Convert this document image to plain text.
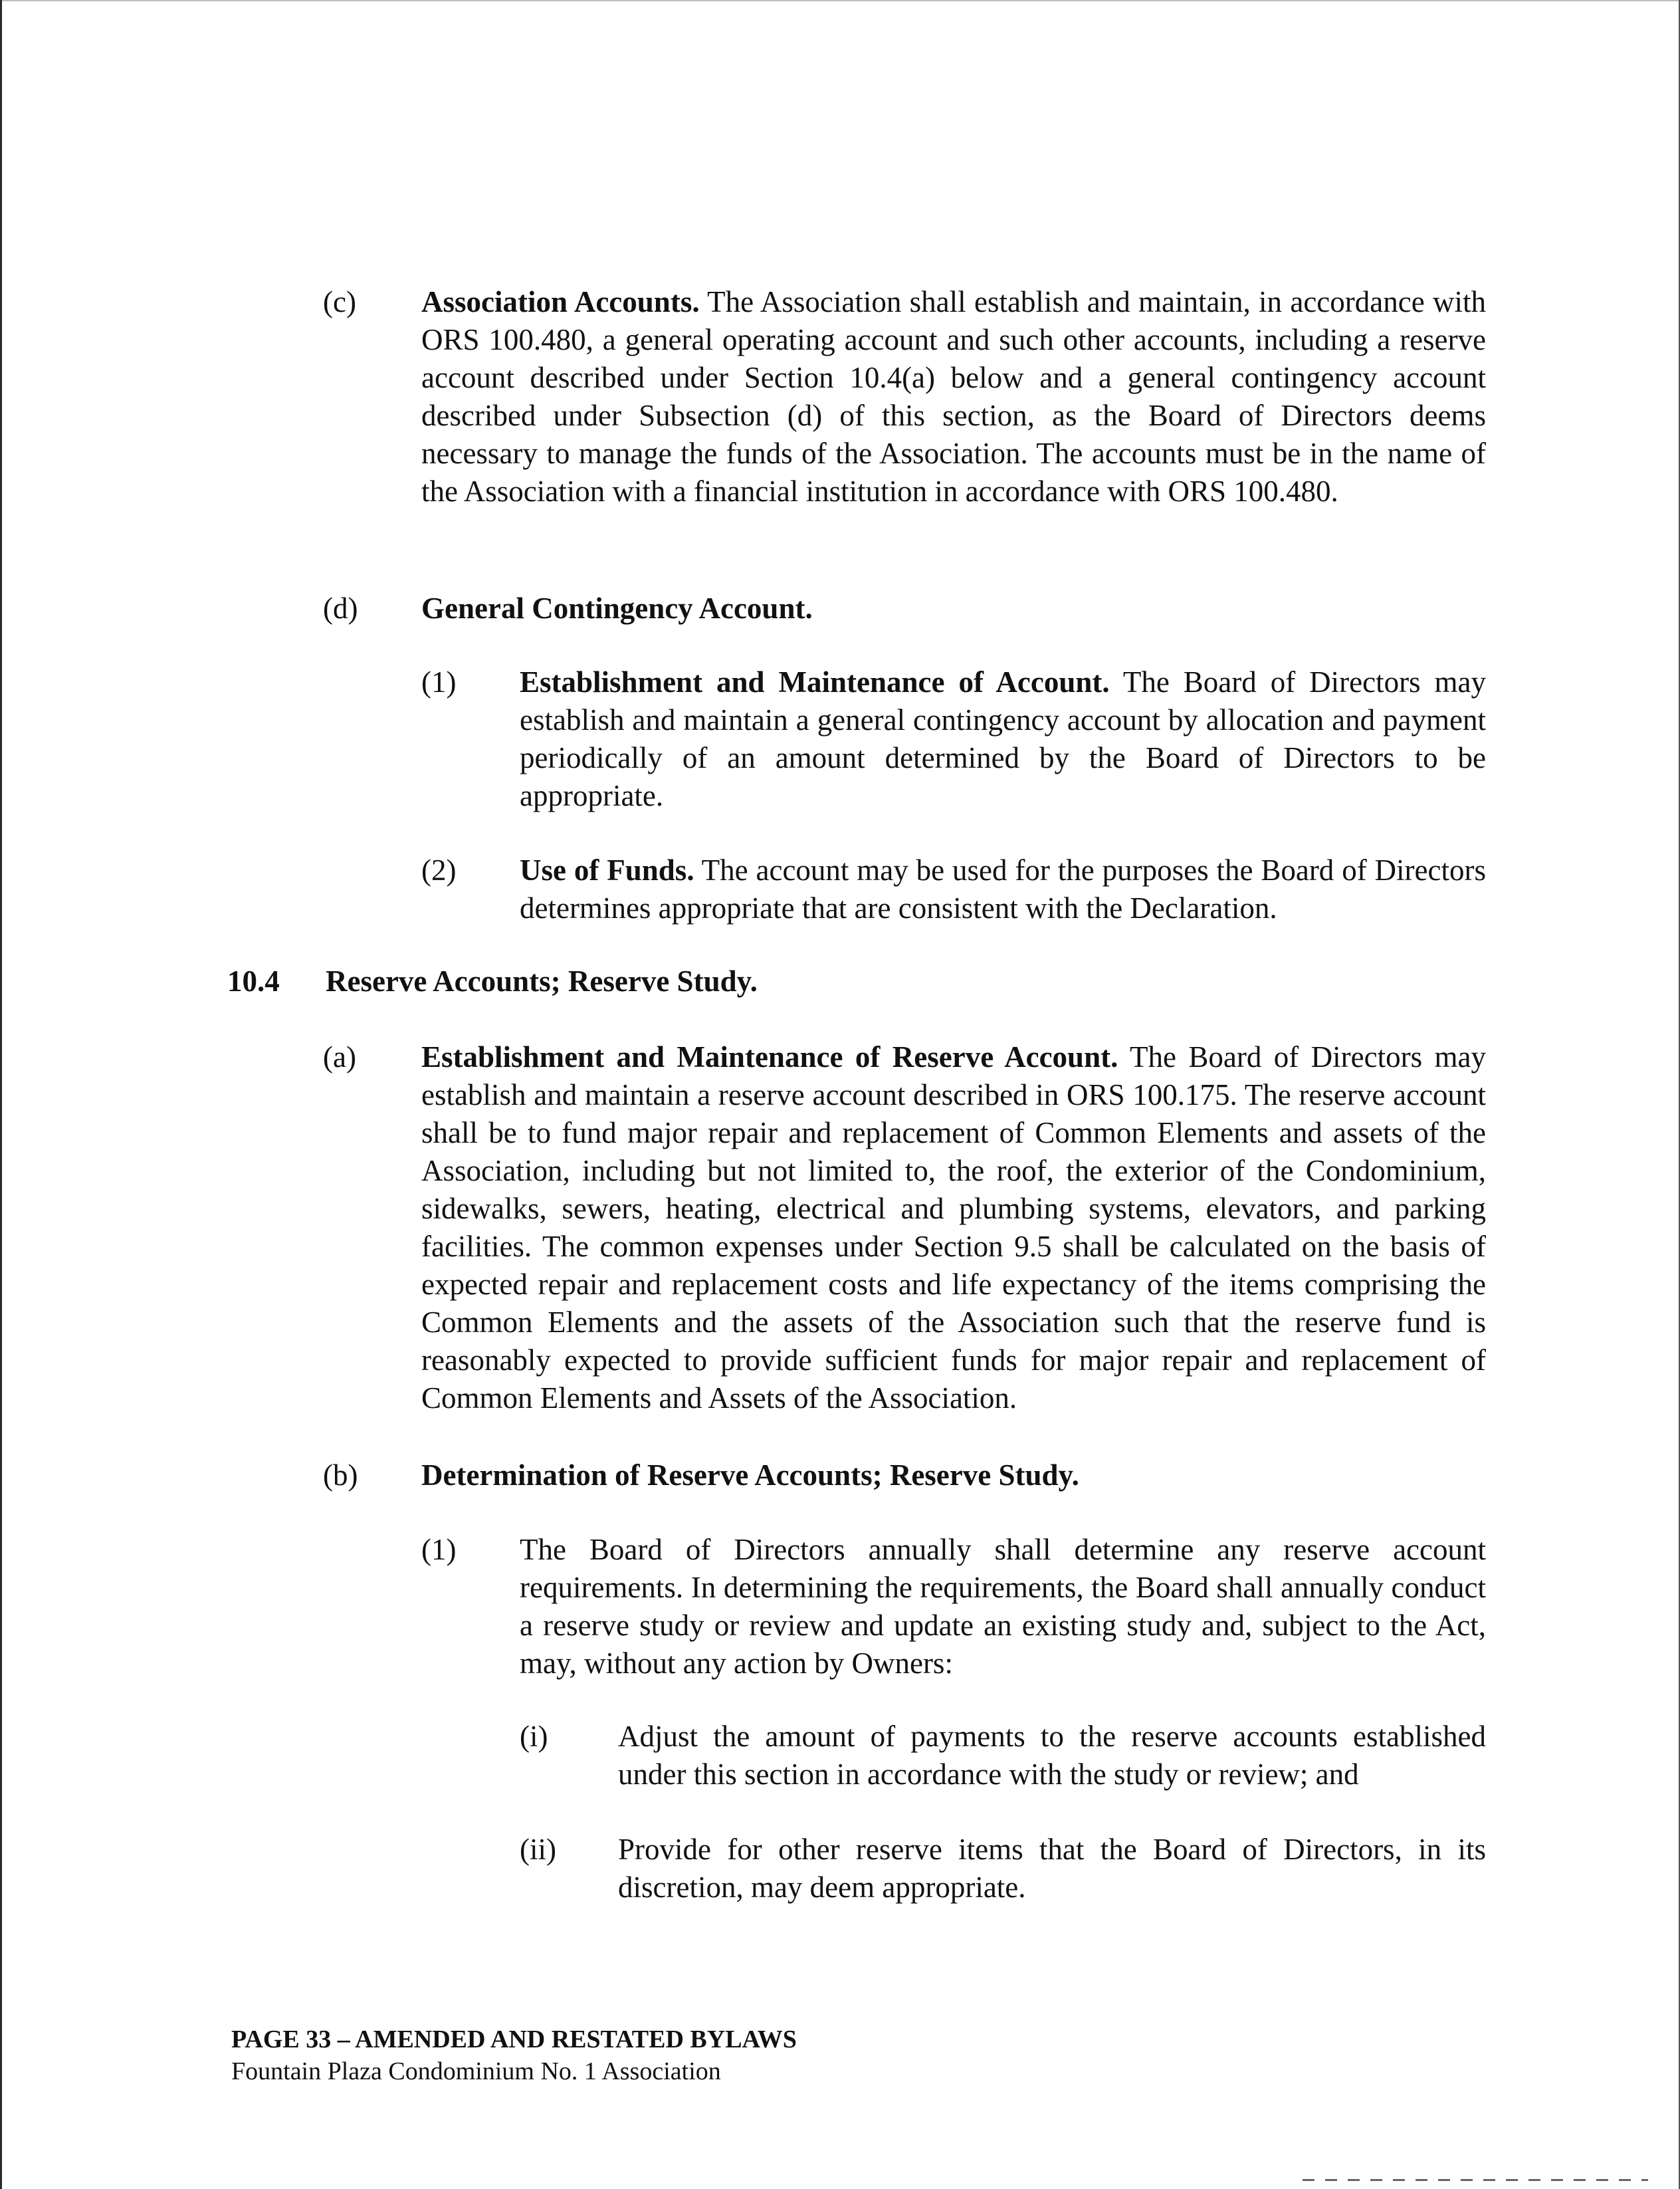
(c) Association Accounts. The Association shall establish and maintain, in accordance with ORS 100.480, a general operating account and such other accounts, including a reserve account described under Section 10.4(a) below and a general contingency account described under Subsection (d) of this section, as the Board of Directors deems necessary to manage the funds of the Association. The accounts must be in the name of the Association with a financial institution in accordance with ORS 100.480.
(d) General Contingency Account.
(1) Establishment and Maintenance of Account. The Board of Directors may establish and maintain a general contingency account by allocation and payment periodically of an amount determined by the Board of Directors to be appropriate.
(2) Use of Funds. The account may be used for the purposes the Board of Directors determines appropriate that are consistent with the Declaration.
10.4 Reserve Accounts; Reserve Study.
(a) Establishment and Maintenance of Reserve Account. The Board of Directors may establish and maintain a reserve account described in ORS 100.175. The reserve account shall be to fund major repair and replacement of Common Elements and assets of the Association, including but not limited to, the roof, the exterior of the Condominium, sidewalks, sewers, heating, electrical and plumbing systems, elevators, and parking facilities. The common expenses under Section 9.5 shall be calculated on the basis of expected repair and replacement costs and life expectancy of the items comprising the Common Elements and the assets of the Association such that the reserve fund is reasonably expected to provide sufficient funds for major repair and replacement of Common Elements and Assets of the Association.
(b) Determination of Reserve Accounts; Reserve Study.
(1) The Board of Directors annually shall determine any reserve account requirements. In determining the requirements, the Board shall annually conduct a reserve study or review and update an existing study and, subject to the Act, may, without any action by Owners:
(i) Adjust the amount of payments to the reserve accounts established under this section in accordance with the study or review; and
(ii) Provide for other reserve items that the Board of Directors, in its discretion, may deem appropriate.
PAGE 33 – AMENDED AND RESTATED BYLAWS
Fountain Plaza Condominium No. 1 Association
